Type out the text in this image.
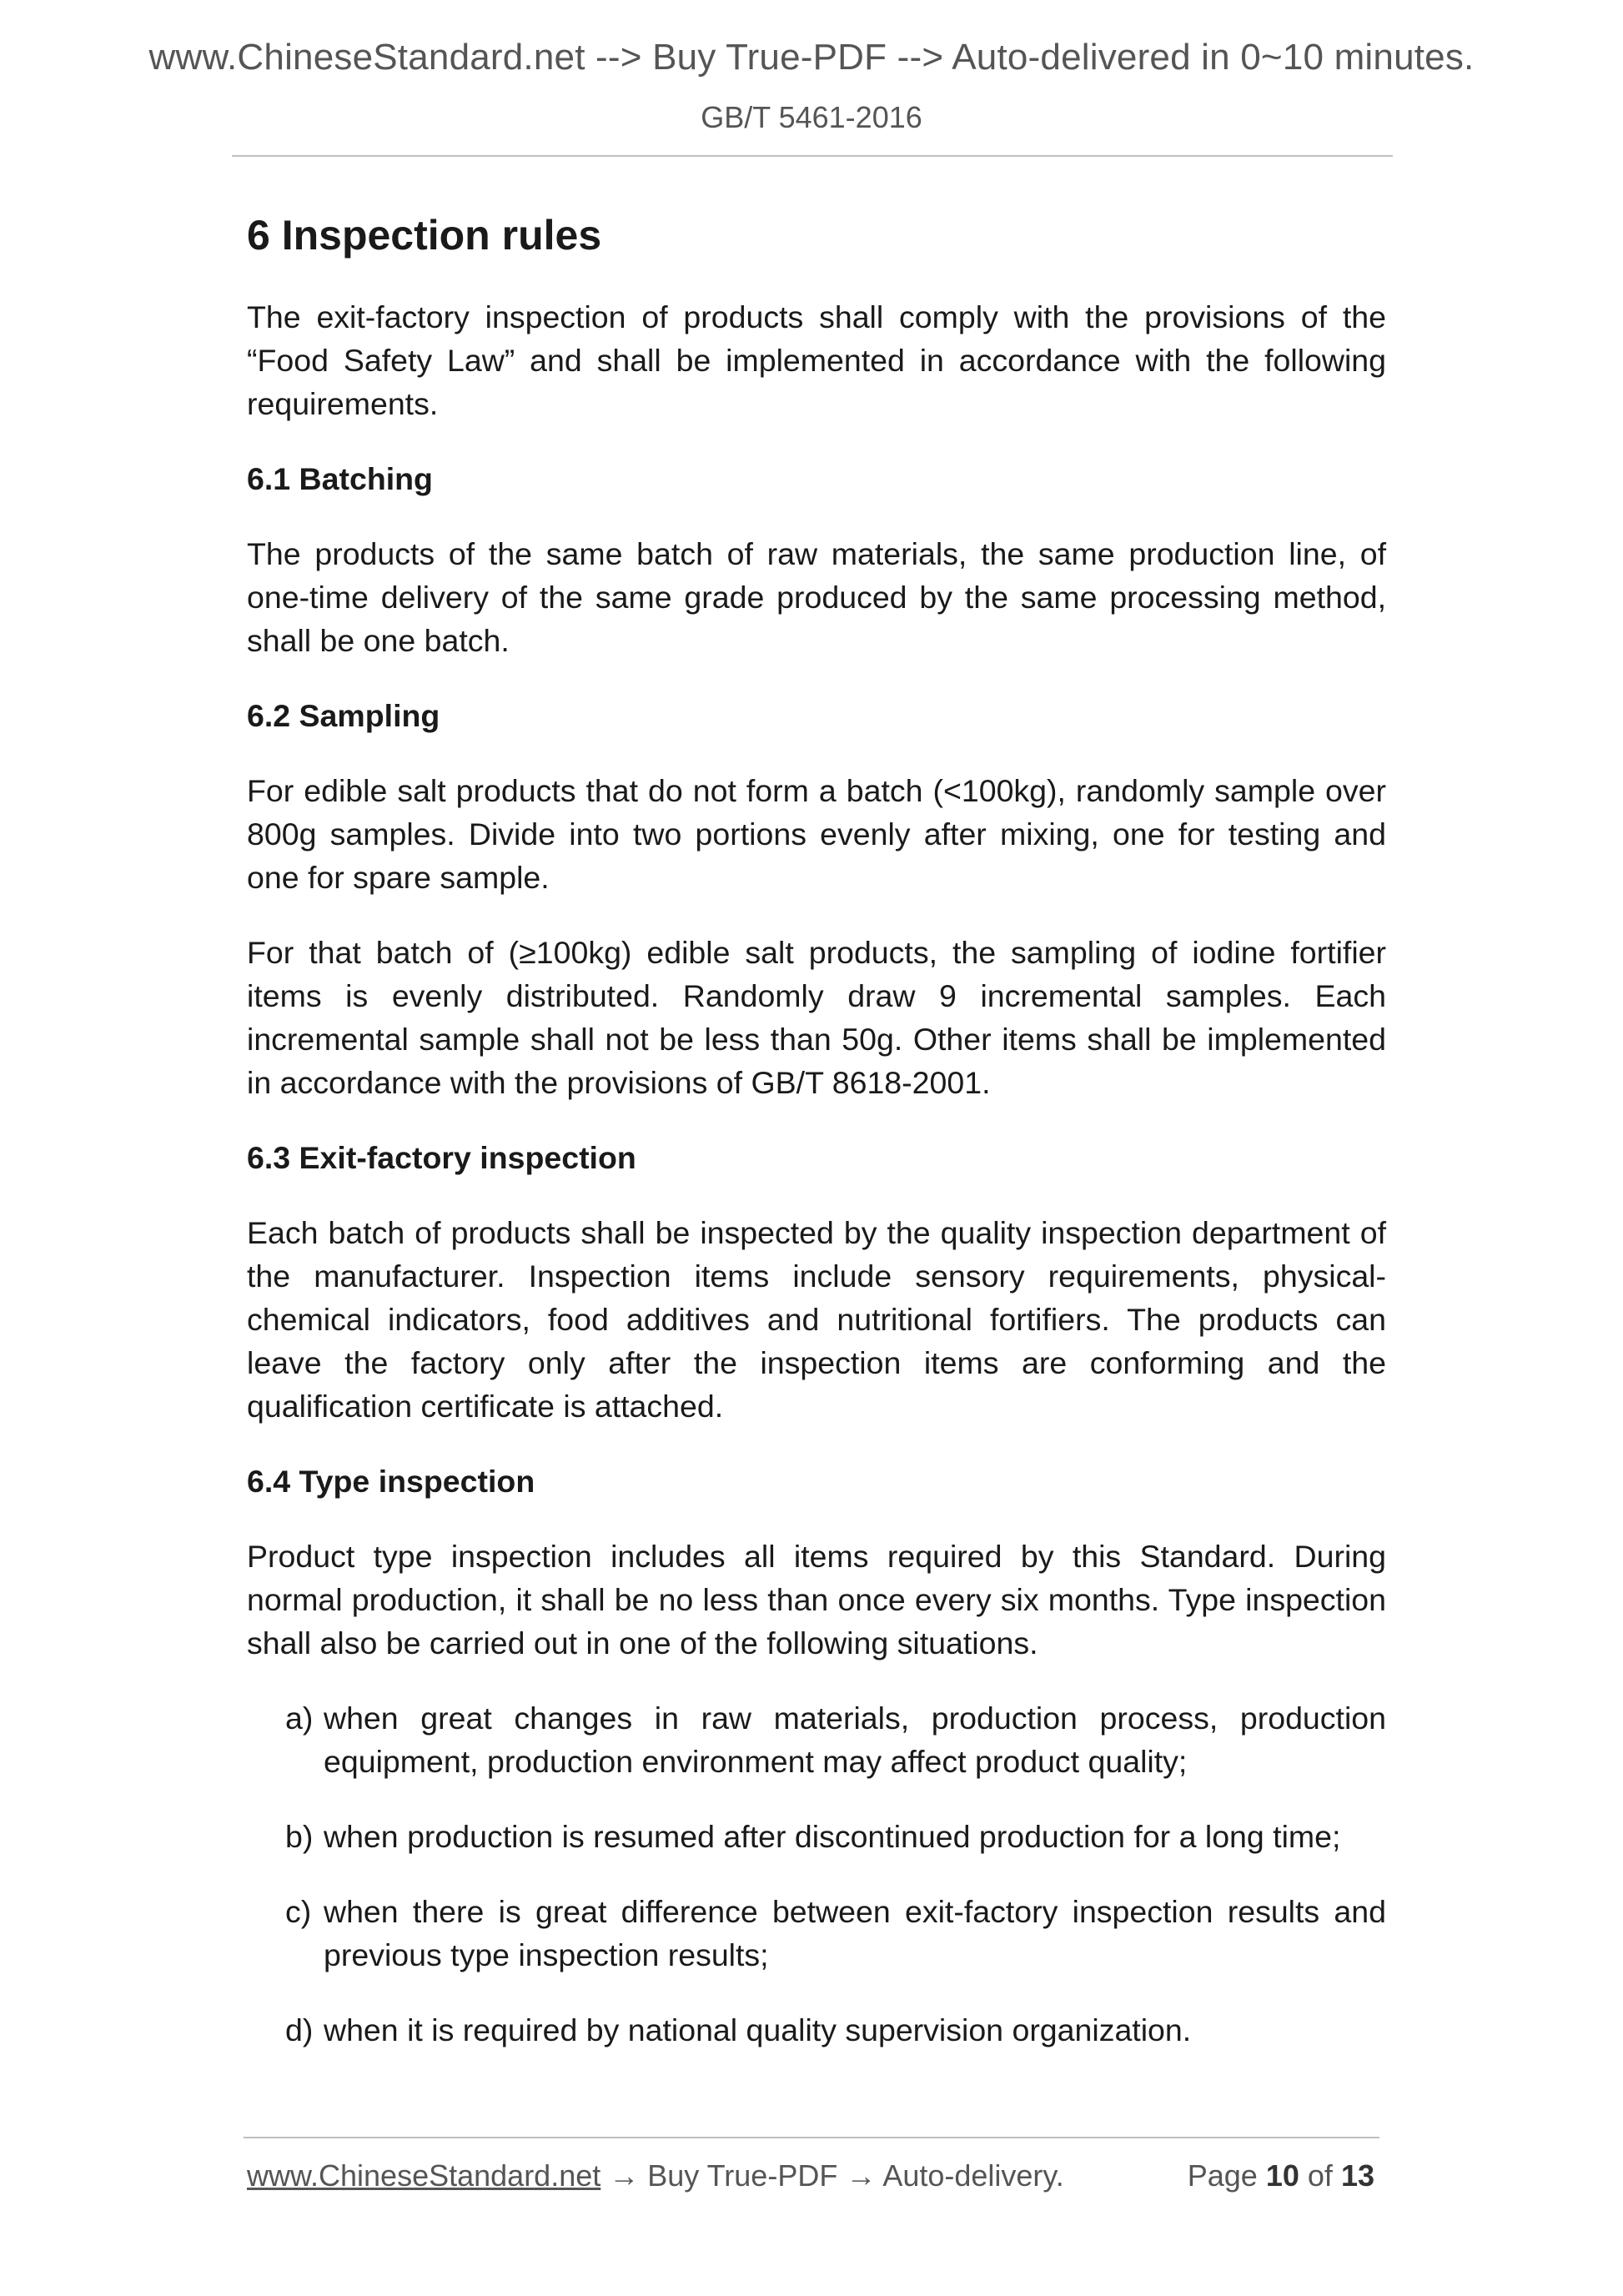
www.ChineseStandard.net --> Buy True-PDF --> Auto-delivered in 0~10 minutes.
GB/T 5461-2016
6 Inspection rules

The exit-factory inspection of products shall comply with the provisions of the “Food Safety Law” and shall be implemented in accordance with the following requirements.

6.1 Batching

The products of the same batch of raw materials, the same production line, of one-time delivery of the same grade produced by the same processing method, shall be one batch.

6.2 Sampling

For edible salt products that do not form a batch (<100kg), randomly sample over 800g samples. Divide into two portions evenly after mixing, one for testing and one for spare sample.

For that batch of (≥100kg) edible salt products, the sampling of iodine fortifier items is evenly distributed. Randomly draw 9 incremental samples. Each incremental sample shall not be less than 50g. Other items shall be implemented in accordance with the provisions of GB/T 8618-2001.

6.3 Exit-factory inspection

Each batch of products shall be inspected by the quality inspection department of the manufacturer. Inspection items include sensory requirements, physical-chemical indicators, food additives and nutritional fortifiers. The products can leave the factory only after the inspection items are conforming and the qualification certificate is attached.

6.4 Type inspection

Product type inspection includes all items required by this Standard. During normal production, it shall be no less than once every six months. Type inspection shall also be carried out in one of the following situations.

a) when great changes in raw materials, production process, production equipment, production environment may affect product quality;
b) when production is resumed after discontinued production for a long time;
c) when there is great difference between exit-factory inspection results and previous type inspection results;
d) when it is required by national quality supervision organization.
www.ChineseStandard.net → Buy True-PDF → Auto-delivery.	Page 10 of 13
